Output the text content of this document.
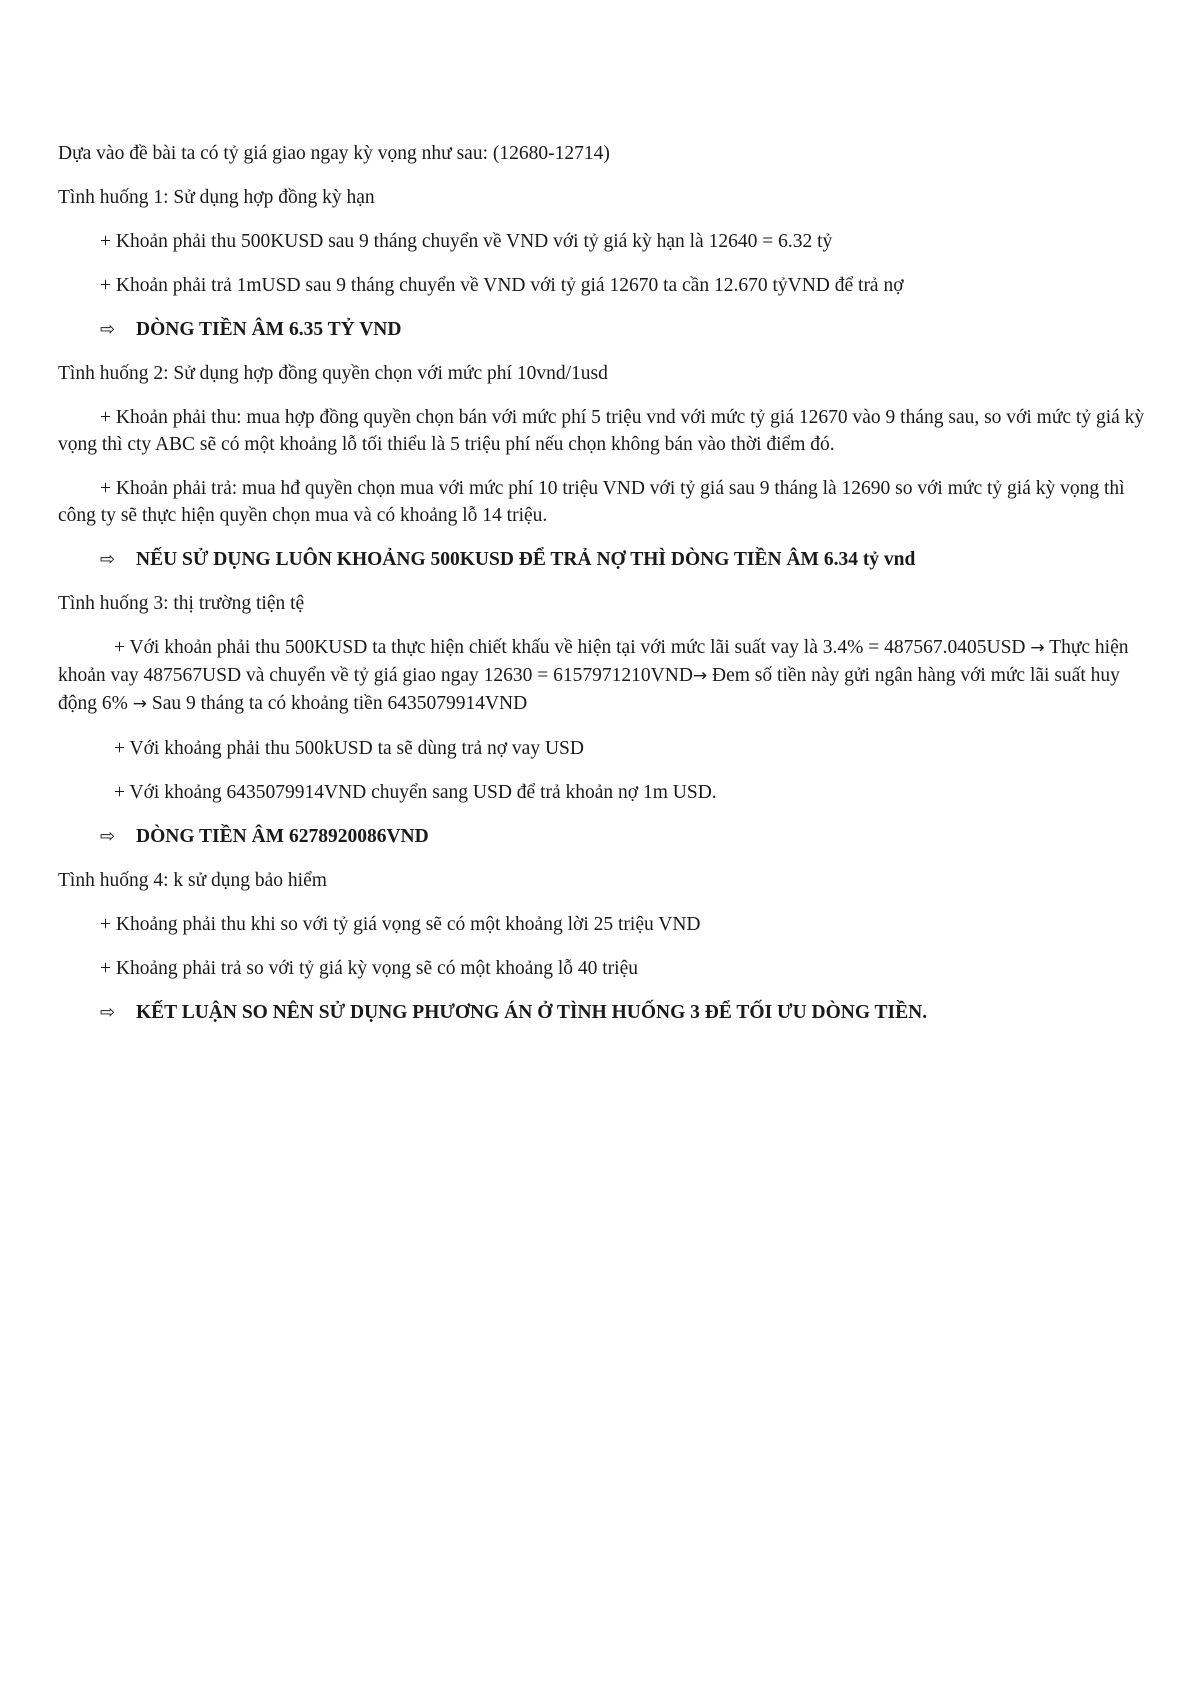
Dựa vào đề bài ta có tỷ giá giao ngay kỳ vọng như sau: (12680-12714)

Tình huống 1: Sử dụng hợp đồng kỳ hạn

+ Khoản phải thu 500KUSD sau 9 tháng chuyển về VND với tỷ giá kỳ hạn là 12640 = 6.32 tỷ

+ Khoản phải trả 1mUSD sau 9 tháng chuyển về VND với tỷ giá 12670 ta cần 12.670 tỷVND để trả nợ

⇨	DÒNG TIỀN ÂM 6.35 TỶ VND

Tình huống 2: Sử dụng hợp đồng quyền chọn với mức phí 10vnd/1usd

+ Khoản phải thu: mua hợp đồng quyền chọn bán với mức phí 5 triệu vnd với mức tỷ giá 12670 vào 9 tháng sau, so với mức tỷ giá kỳ vọng thì cty ABC sẽ có một khoảng lỗ tối thiểu là 5 triệu phí nếu chọn không bán vào thời điểm đó.

+ Khoản phải trả: mua hđ quyền chọn mua với mức phí 10 triệu VND với tỷ giá sau 9 tháng là 12690 so với mức tỷ giá kỳ vọng thì công ty sẽ thực hiện quyền chọn mua và có khoảng lỗ 14 triệu.

⇨	NẾU SỬ DỤNG LUÔN KHOẢNG 500KUSD ĐỂ TRẢ NỢ THÌ DÒNG TIỀN ÂM 6.34 tỷ vnd

Tình huống 3: thị trường tiện tệ

+ Với khoản phải thu 500KUSD ta thực hiện chiết khấu về hiện tại với mức lãi suất vay là 3.4% = 487567.0405USD → Thực hiện khoản vay 487567USD và chuyển về tỷ giá giao ngay 12630 = 6157971210VND→ Đem số tiền này gửi ngân hàng với mức lãi suất huy động 6% → Sau 9 tháng ta có khoảng tiền 6435079914VND

+ Với khoảng phải thu 500kUSD ta sẽ dùng trả nợ vay USD

+ Với khoảng 6435079914VND chuyển sang USD để trả khoản nợ 1m USD.

⇨	DÒNG TIỀN ÂM 6278920086VND

Tình huống 4: k sử dụng bảo hiểm

+ Khoảng phải thu khi so với tỷ giá vọng sẽ có một khoảng lời 25 triệu VND

+ Khoảng phải trả so với tỷ giá kỳ vọng sẽ có một khoảng lỗ 40 triệu

⇨	KẾT LUẬN SO NÊN SỬ DỤNG PHƯƠNG ÁN Ở TÌNH HUỐNG 3 ĐỂ TỐI ƯU DÒNG TIỀN.
